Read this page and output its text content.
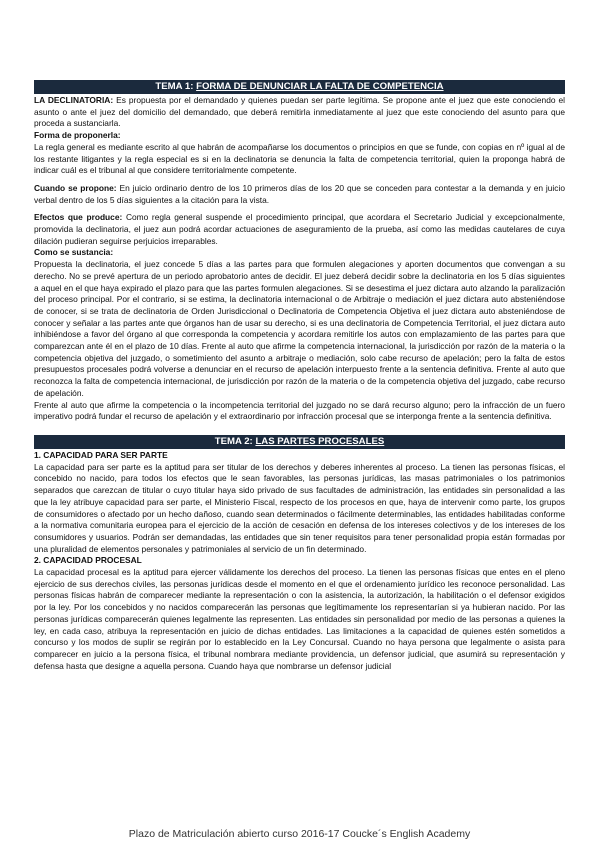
TEMA 1: FORMA DE DENUNCIAR LA FALTA DE COMPETENCIA

LA DECLINATORIA: Es propuesta por el demandado y quienes puedan ser parte legítima. Se propone ante el juez que este conociendo el asunto o ante el juez del domicilio del demandado, que deberá remitirla inmediatamente al juez que este conociendo del asunto para que proceda a sustanciarla.

Forma de proponerla:

La regla general es mediante escrito al que habrán de acompañarse los documentos o principios en que se funde, con copias en nº igual al de los restante litigantes y la regla especial es si en la declinatoria se denuncia la falta de competencia territorial, quien la proponga habrá de indicar cuál es el tribunal al que considere territorialmente competente.

Cuando se propone: En juicio ordinario dentro de los 10 primeros días de los 20 que se conceden para contestar a la demanda y en juicio verbal dentro de los 5 días siguientes a la citación para la vista.

Efectos que produce: Como regla general suspende el procedimiento principal, que acordara el Secretario Judicial y excepcionalmente, promovida la declinatoria, el juez aun podrá acordar actuaciones de aseguramiento de la prueba, así como las medidas cautelares de cuya dilación pudieran seguirse perjuicios irreparables.

Como se sustancia:

Propuesta la declinatoria, el juez concede 5 días a las partes para que formulen alegaciones y aporten documentos que convengan a su derecho. No se prevé apertura de un periodo aprobatorio antes de decidir. El juez deberá decidir sobre la declinatoria en los 5 días siguientes a aquel en el que haya expirado el plazo para que las partes formulen alegaciones. Si se desestima el juez dictara auto alzando la paralización del proceso principal. Por el contrario, si se estima, la declinatoria internacional o de Arbitraje o mediación el juez dictara auto absteniéndose de conocer, si se trata de declinatoria de Orden Jurisdiccional o Declinatoria de Competencia Objetiva el juez dictara auto absteniéndose de conocer y señalar a las partes ante que órganos han de usar su derecho, si es una declinatoria de Competencia Territorial, el juez dictara auto inhibiéndose a favor del órgano al que corresponda la competencia y acordara remitirle los autos con emplazamiento de las partes para que comparezcan ante él en el plazo de 10 días. Frente al auto que afirme la competencia internacional, la jurisdicción por razón de la materia o la competencia objetiva del juzgado, o sometimiento del asunto a arbitraje o mediación, solo cabe recurso de apelación; pero la falta de estos presupuestos procesales podrá volverse a denunciar en el recurso de apelación interpuesto frente a la sentencia definitiva. Frente al auto que reconozca la falta de competencia internacional, de jurisdicción por razón de la materia o de la competencia objetiva del juzgado, cabe recurso de apelación.

Frente al auto que afirme la competencia o la incompetencia territorial del juzgado no se dará recurso alguno; pero la infracción de un fuero imperativo podrá fundar el recurso de apelación y el extraordinario por infracción procesal que se interponga frente a la sentencia definitiva.

TEMA 2: LAS PARTES PROCESALES

1. CAPACIDAD PARA SER PARTE

La capacidad para ser parte es la aptitud para ser titular de los derechos y deberes inherentes al proceso. La tienen las personas físicas, el concebido no nacido, para todos los efectos que le sean favorables, las personas jurídicas, las masas patrimoniales o los patrimonios separados que carezcan de titular o cuyo titular haya sido privado de sus facultades de administración, las entidades sin personalidad a las que la ley atribuye capacidad para ser parte, el Ministerio Fiscal, respecto de los procesos en que, haya de intervenir como parte, los grupos de consumidores o afectado por un hecho dañoso, cuando sean determinados o fácilmente determinables, las entidades habilitadas conforme a la normativa comunitaria europea para el ejercicio de la acción de cesación en defensa de los intereses colectivos y de los intereses de los consumidores y usuarios. Podrán ser demandadas, las entidades que sin tener requisitos para tener personalidad propia están formadas por una pluralidad de elementos personales y patrimoniales al servicio de un fin determinado.

2. CAPACIDAD PROCESAL

La capacidad procesal es la aptitud para ejercer válidamente los derechos del proceso. La tienen las personas físicas que entes en el pleno ejercicio de sus derechos civiles, las personas jurídicas desde el momento en el que el ordenamiento jurídico les reconoce personalidad. Las personas físicas habrán de comparecer mediante la representación o con la asistencia, la autorización, la habilitación o el defensor exigidos por la ley. Por los concebidos y no nacidos comparecerán las personas que legítimamente los representarían si ya hubieran nacido. Por las personas jurídicas comparecerán quienes legalmente las representen. Las entidades sin personalidad por medio de las personas a quienes la ley, en cada caso, atribuya la representación en juicio de dichas entidades. Las limitaciones a la capacidad de quienes estén sometidos a concurso y los modos de suplir se regirán por lo establecido en la Ley Concursal. Cuando no haya persona que legalmente o asista para comparecer en juicio a la persona física, el tribunal nombrara mediante providencia, un defensor judicial, que asumirá su representación y defensa hasta que designe a aquella persona. Cuando haya que nombrarse un defensor judicial

Plazo de Matriculación abierto curso 2016-17 Coucke´s English Academy
